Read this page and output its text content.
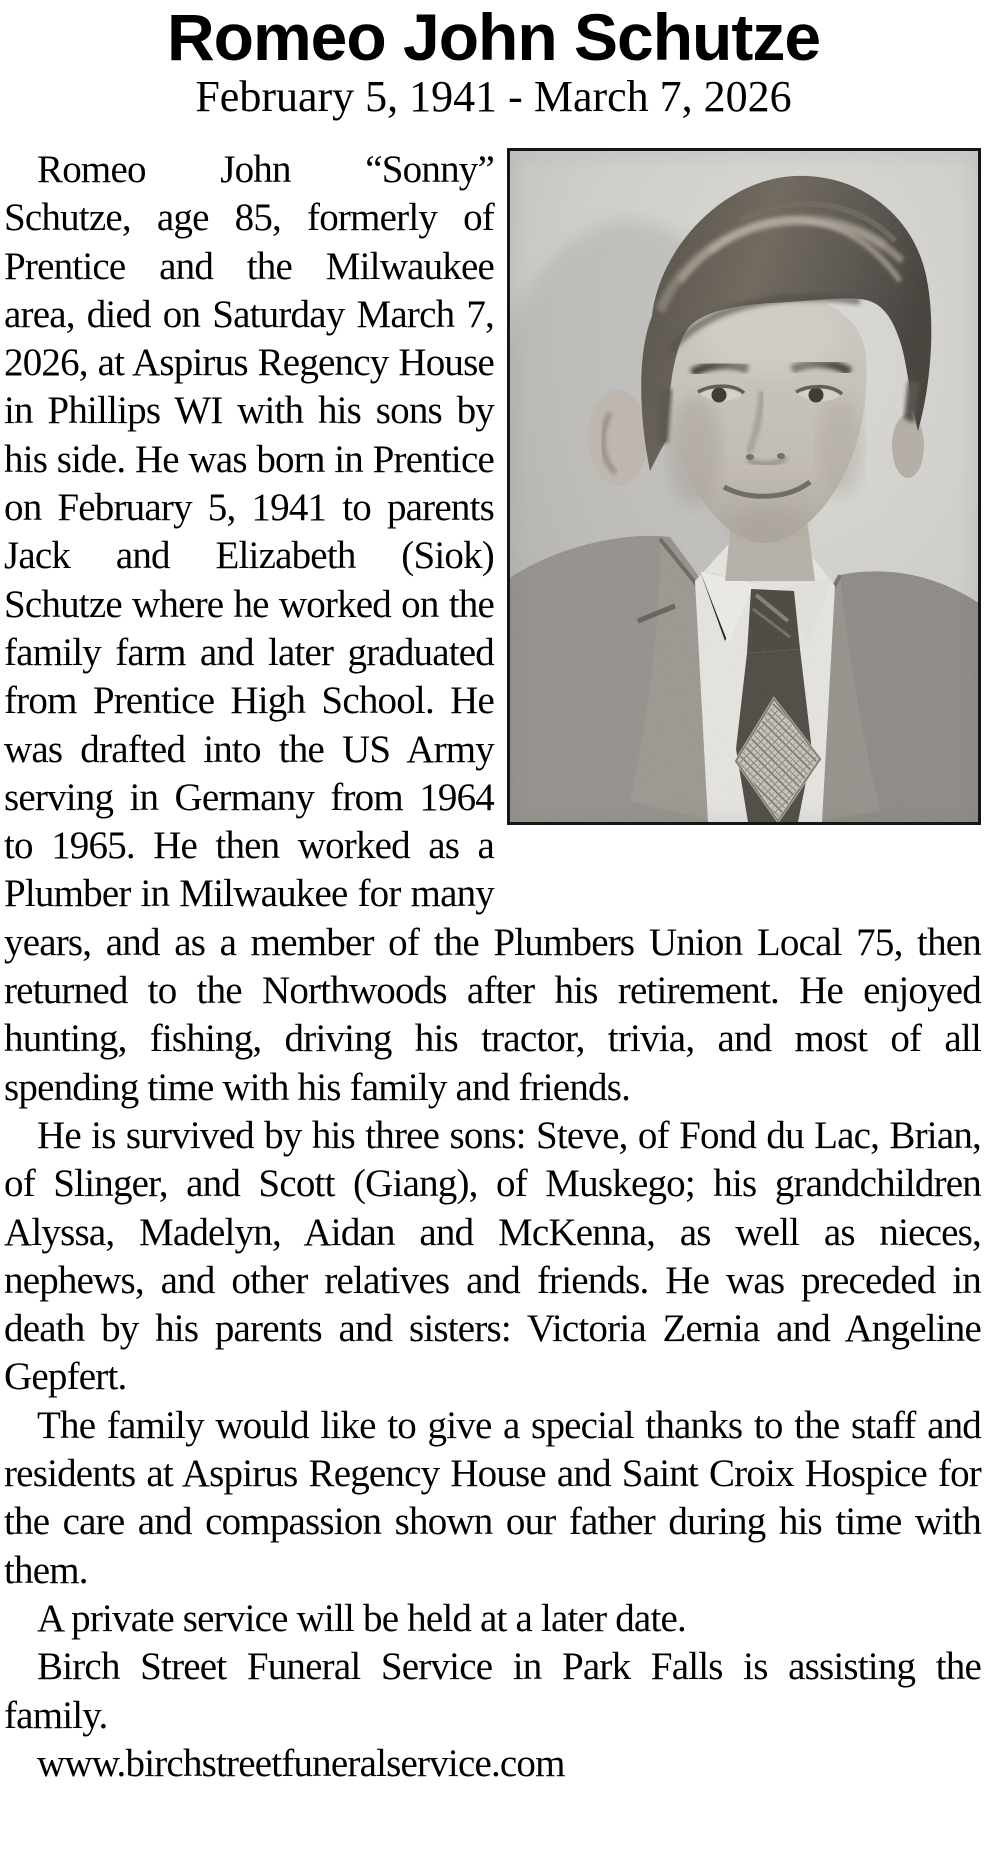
Romeo John Schutze
February 5, 1941 - March 7, 2026

Romeo John “Sonny” Schutze, age 85, formerly of Prentice and the Milwaukee area, died on Saturday March 7, 2026, at Aspirus Regency House in Phillips WI with his sons by his side. He was born in Prentice on February 5, 1941 to parents Jack and Elizabeth (Siok) Schutze where he worked on the family farm and later graduated from Prentice High School. He was drafted into the US Army serving in Germany from 1964 to 1965. He then worked as a Plumber in Milwaukee for many years, and as a member of the Plumbers Union Local 75, then returned to the Northwoods after his retirement. He enjoyed hunting, fishing, driving his tractor, trivia, and most of all spending time with his family and friends.

He is survived by his three sons: Steve, of Fond du Lac, Brian, of Slinger, and Scott (Giang), of Muskego; his grandchildren Alyssa, Madelyn, Aidan and McKenna, as well as nieces, nephews, and other relatives and friends. He was preceded in death by his parents and sisters: Victoria Zernia and Angeline Gepfert.

The family would like to give a special thanks to the staff and residents at Aspirus Regency House and Saint Croix Hospice for the care and compassion shown our father during his time with them.

A private service will be held at a later date.

Birch Street Funeral Service in Park Falls is assisting the family.

www.birchstreetfuneralservice.com
